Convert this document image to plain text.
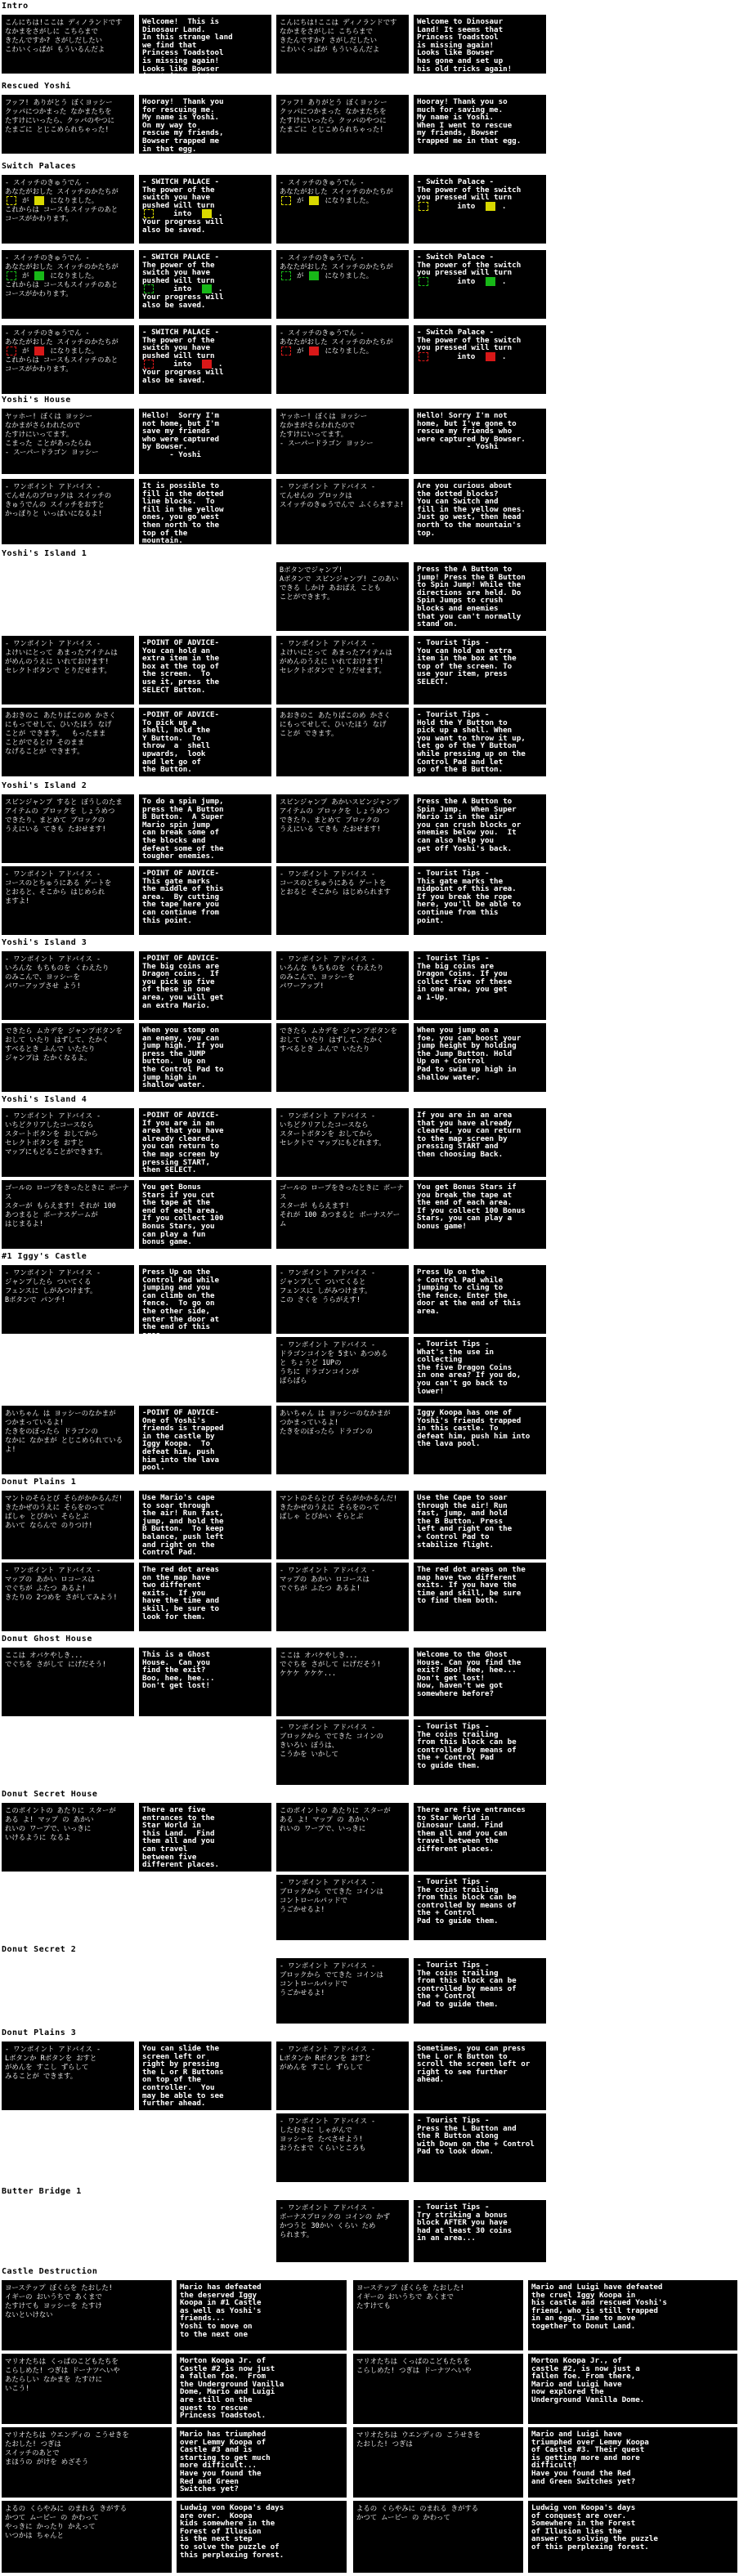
Intro
こんにちは!ここは ディノランドです
なかまをさがしに こちらまで
きたんですか? さがしだしたい
こわいくっぱが もういるんだよ
Welcome!  This is
Dinosaur Land.
In this strange land
we find that
Princess Toadstool
is missing again!
Looks like Bowser
is at it again!
こんにちは!ここは ディノランドです
なかまをさがしに こちらまで
きたんですか? さがしだしたい
こわいくっぱが もういるんだよ
Welcome to Dinosaur
Land! It seems that
Princess Toadstool
is missing again!
Looks like Bowser
has gone and set up
his old tricks again!
Rescued Yoshi
フッフ! ありがとう ぼくヨッシー
クッパにつかまった なかまたちを
たすけにいったら、クッパのやつに
たまごに とじこめられちゃった!
Hooray!  Thank you
for rescuing me.
My name is Yoshi.
On my way to
rescue my friends,
Bowser trapped me
in that egg.
フッフ! ありがとう ぼくヨッシー
クッパにつかまった なかまたちを
たすけにいったら クッパのやつに
たまごに とじこめられちゃった!
Hooray! Thank you so
much for saving me.
My name is Yoshi.
When I went to rescue
my friends, Bowser
trapped me in that egg.
Switch Palaces
- スイッチのきゅうでん -
あなたがおした スイッチのかたちが
が	になりました。
これからは コースもスイッチのあと
コースがかわります。
- SWITCH PALACE -
The power of the
switch you have
pushed will turn
into   .
Your progress will
also be saved.
- スイッチのきゅうでん -
あなたがおした スイッチのかたちが
が  になりました。
- Switch Palace -
The power of the switch
you pressed will turn
into   .
- スイッチのきゅうでん -
あなたがおした スイッチのかたちが
が	になりました。
これからは コースもスイッチのあと
コースがかわります。
- SWITCH PALACE -
The power of the
switch you have
pushed will turn
into   .
Your progress will
also be saved.
- スイッチのきゅうでん -
あなたがおした スイッチのかたちが
が  になりました。
- Switch Palace -
The power of the switch
you pressed will turn
into   .
- スイッチのきゅうでん -
あなたがおした スイッチのかたちが
が	になりました。
これからは コースもスイッチのあと
コースがかわります。
- SWITCH PALACE -
The power of the
switch you have
pushed will turn
into   .
Your progress will
also be saved.
- スイッチのきゅうでん -
あなたがおした スイッチのかたちが
が  になりました。
- Switch Palace -
The power of the switch
you pressed will turn
into   .
Yoshi's House
ヤッホー! ぼくは ヨッシー
なかまがさらわれたので
たすけにいってます。
こまった ことがあったらね
- スーパードラゴン ヨッシー
Hello!  Sorry I'm
not home, but I'm
save my friends
who were captured
by Bowser.
- Yoshi
ヤッホー! ぼくは ヨッシー
なかまがさらわれたので
たすけにいってます。
- スーパードラゴン ヨッシー
Hello! Sorry I'm not
home, but I've gone to
rescue my friends who
were captured by Bowser.
- Yoshi
- ワンポイント アドバイス -
てんせんのブロックは スイッチの
きゅうでんの スイッチをおすと
かっぽりと いっぱいになるよ!
It is possible to
fill in the dotted
line blocks.  To
fill in the yellow
ones, you go west
then north to the
top of the
mountain.
- ワンポイント アドバイス -
てんせんの ブロックは
スイッチのきゅうでんで ふくらますよ!
Are you curious about
the dotted blocks?
You can Switch and
fill in the yellow ones.
Just go west, then head
north to the mountain's
top.
Yoshi's Island 1
Bボタンでジャンプ!
Aボタンで スピンジャンプ! このあい
できる しかけ あおばえ ことも
ことができます。
Press the A Button to
jump! Press the B Button
to Spin Jump! While the
directions are held. Do
Spin Jumps to crush
blocks and enemies
that you can't normally
stand on.
- ワンポイント アドバイス -
よけいにとって あまったアイテムは
がめんのうえに いれておけます!
セレクトボタンで とりだせます。
-POINT OF ADVICE-
You can hold an
extra item in the
box at the top of
the screen.  To
use it, press the
SELECT Button.
- ワンポイント アドバイス -
よけいにとって あまったアイテムは
がめんのうえに いれておけます!
セレクトボタンで とりだせます。
- Tourist Tips -
You can hold an extra
item in the box at the
top of the screen. To
use your item, press
SELECT.
あおきのこ あたりばこのめ かさく
にもってせして、ひいたほう なげ
ことが できます。  もったまま
ことがでるとけ そのまま
なげることが できます。
-POINT OF ADVICE-
To pick up a
shell, hold the
Y Button.  To
throw  a  shell
upwards,  look
and let go of
the Button.
あおきのこ あたりばこのめ かさく
にもってせして、ひいたほう なげ
ことが できます。
- Tourist Tips -
Hold the Y Button to
pick up a shell. When
you want to throw it up,
let go of the Y Button
while pressing up on the
Control Pad and let
go of the B Button.
Yoshi's Island 2
スピンジャンプ すると ぼうしのたま
アイテムの ブロックを しょうめつ
できたり、まとめて ブロックの
うえにいる てきも たおせます!
To do a spin jump,
press the A Button
B Button.  A Super
Mario spin jump
can break some of
the blocks and
defeat some of the
tougher enemies.
スピンジャンプ あかいスピンジャンプ
アイテムの ブロックを しょうめつ
できたり、まとめて ブロックの
うえにいる てきも たおせます!
Press the A Button to
Spin Jump.  When Super
Mario is in the air
you can crush blocks or
enemies below you.  It
can also help you
get off Yoshi's back.
- ワンポイント アドバイス -
コースのとちゅうにある ゲートを
とおると、そこから はじめられ
ますよ!
-POINT OF ADVICE-
This gate marks
the middle of this
area.  By cutting
the tape here you
can continue from
this point.
- ワンポイント アドバイス -
コースのとちゅうにある ゲートを
とおると そこから はじめられます
- Tourist Tips -
This gate marks the
midpoint of this area.
If you break the rope
here, you'll be able to
continue from this
point.
Yoshi's Island 3
- ワンポイント アドバイス -
いろんな もちものを くわえたり
のみこんで、ヨッシーを
パワーアップさせ よう!
-POINT OF ADVICE-
The big coins are
Dragon coins.  If
you pick up five
of these in one
area, you will get
an extra Mario.
- ワンポイント アドバイス -
いろんな もちものを くわえたり
のみこんで、ヨッシーを
パワーアップ!
- Tourist Tips -
The big coins are
Dragon Coins. If you
collect five of these
in one area, you get
a 1-Up.
できたら ムカデを ジャンプボタンを
おして いたり はずして、たかく
すべるとき ふんで いたたり
ジャンプは たかくなるよ。
When you stomp on
an enemy, you can
jump high.  If you
press the JUMP
button.  Up on
the Control Pad to
jump high in
shallow water.
できたら ムカデを ジャンプボタンを
おして いたり はずして、たかく
すべるとき ふんで いたたり
When you jump on a
foe, you can boost your
jump height by holding
the Jump Button. Hold
Up on + Control
Pad to swim up high in
shallow water.
Yoshi's Island 4
- ワンポイント アドバイス -
いちどクリアしたコースなら
スタートボタンを おしてから
セレクトボタンを おすと
マップにもどることができます。
-POINT OF ADVICE-
If you are in an
area that you have
already cleared,
you can return to
the map screen by
pressing START,
then SELECT.
- ワンポイント アドバイス -
いちどクリアしたコースなら
スタートボタンを おしてから
セレクトで マップにもどれます。
If you are in an area
that you have already
cleared, you can return
to the map screen by
pressing START and
then choosing Back.
ゴールの ロープをきったときに ボーナス
スターが もらえます! それが 100
あつまると ボーナスゲームが
はじまるよ!
You get Bonus
Stars if you cut
the tape at the
end of each area.
If you collect 100
Bonus Stars, you
can play a fun
bonus game.
ゴールの ロープをきったときに ボーナス
スターが もらえます!
それが 100 あつまると ボーナスゲーム
You get Bonus Stars if
you break the tape at
the end of each area.
If you collect 100 Bonus
Stars, you can play a
bonus game!
#1 Iggy's Castle
- ワンポイント アドバイス -
ジャンプしたら ついてくる
フェンスに しがみつけます。
Bボタンで パンチ!
Press Up on the
Control Pad while
jumping and you
can climb on the
fence.  To go on
the other side,
enter the door at
the end of this
area.
- ワンポイント アドバイス -
ジャンプして ついてくると
フェンスに しがみつけます。
この さくを うらがえす!
Press Up on the
+ Control Pad while
jumping to cling to
the fence. Enter the
door at the end of this
area.
- ワンポイント アドバイス -
ドラゴンコインを 5まい あつめる
と ちょうど 1UPの
うちに ドラゴンコインが
ばらばら
- Tourist Tips -
What's the use in collecting
the five Dragon Coins
in one area? If you do,
you can't go back to
lower!
あいちゃん は ヨッシーのなかまが
つかまっているよ!
たきをのぼったら ドラゴンの
なかに なかまが とじこめられているよ!
-POINT OF ADVICE-
One of Yoshi's
friends is trapped
in the castle by
Iggy Koopa.  To
defeat him, push
him into the lava
pool.
あいちゃん は ヨッシーのなかまが
つかまっているよ!
たきをのぼったら ドラゴンの
Iggy Koopa has one of
Yoshi's friends trapped
in this castle. To
defeat him, push him into
the lava pool.
Donut Plains 1
マントのそらとび そらがかかるんだ!
きたかぜのうえに そらをのって
ばしゃ とびかい そらとぶ
あいて ならんで のりつけ!
Use Mario's cape
to soar through
the air! Run fast,
jump, and hold the
B Button.  To keep
balance, push left
and right on the
Control Pad.
マントのそらとび そらがかかるんだ!
きたかぜのうえに そらをのって
ばしゃ とびかい そらとぶ
Use the Cape to soar
through the air! Run
fast, jump, and hold
the B Button. Press
left and right on the
+ Control Pad to
stabilize flight.
- ワンポイント アドバイス -
マップの あかい ロコースは
でぐちが ふたつ あるよ!
きたりの 2つめを さがしてみよう!
The red dot areas
on the map have
two different
exits.  If you
have the time and
skill, be sure to
look for them.
- ワンポイント アドバイス -
マップの あかい ロコースは
でぐちが ふたつ あるよ!
The red dot areas on the
map have two different
exits. If you have the
time and skill, be sure
to find them both.
Donut Ghost House
ここは オバケやしき...
でぐちを さがして にげだそう!
This is a Ghost
House.  Can you
find the exit?
Boo, hee, hee...
Don't get lost!
ここは オバケやしき...
でぐちを さがして にげだそう!
ケケケ ケケケ...
Welcome to the Ghost
House. Can you find the
exit? Boo! Hee, hee...
Don't get lost!
Now, haven't we got
somewhere before?
- ワンポイント アドバイス -
ブロックから でてきた コインの
きいろい ぼうは、
こうかを いかして
- Tourist Tips -
The coins trailing
from this block can be
controlled by means of
the + Control Pad
to guide them.
Donut Secret House
このポイントの あたりに スターが
ある よ! マップ の あかい
れいの ワープで、いっきに
いけるように なるよ
There are five
entrances to the
Star World in
this Land.  Find
them all and you
can travel
between five
different places.
このポイントの あたりに スターが
ある よ! マップ の あかい
れいの ワープで、いっきに
There are five entrances
to Star World in
Dinosaur Land. Find
them all and you can
travel between the
different places.
- ワンポイント アドバイス -
ブロックから でてきた コインは
コントロールパッドで
うごかせるよ!
- Tourist Tips -
The coins trailing
from this block can be
controlled by means of
the + Control
Pad to guide them.
Donut Secret 2
- ワンポイント アドバイス -
ブロックから でてきた コインは
コントロールパッドで
うごかせるよ!
- Tourist Tips -
The coins trailing
from this block can be
controlled by means of
the + Control
Pad to guide them.
Donut Plains 3
- ワンポイント アドバイス -
Lボタンか Rボタンを おすと
がめんを すこし ずらして
みることが できます。
You can slide the
screen left or
right by pressing
the L or R Buttons
on top of the
controller.  You
may be able to see
further ahead.
- ワンポイント アドバイス -
Lボタンか Rボタンを おすと
がめんを すこし ずらして
Sometimes, you can press
the L or R Button to
scroll the screen left or
right to see further
ahead.
- ワンポイント アドバイス -
したむきに しゃがんで
ヨッシーを たべさせよう!
おうたまで くらいところも
- Tourist Tips -
Press the L Button and
the R Button along
with Down on the + Control
Pad to look down.
Butter Bridge 1
- ワンポイント アドバイス -
ボーナスブロックの コインの かず
かつうと 30かい くらい ため
られます。
- Tourist Tips -
Try striking a bonus
block AFTER you have
had at least 30 coins
in an area...
Castle Destruction
ヨーステップ ぼくらを たおした!
イギーの おいうちで あくまで
たすけても ヨッシーを たすけ
ないといけない
Mario has defeated
the deserved Iggy
Koopa in #1 Castle
as well as Yoshi's
friends...
Yoshi to move on
to the next one
ヨーステップ ぼくらを たおした!
イギーの おいうちで あくまで
たすけても
Mario and Luigi have defeated
the cruel Iggy Koopa in
his castle and rescued Yoshi's
friend, who is still trapped
in an egg. Time to move
together to Donut Land.
マリオたちは くっぱのこどもたちを
こらしめた! つぎは ドーナツへいや
あたらしい なかまを たすけに
いこう!
Morton Koopa Jr. of
Castle #2 is now just
a fallen foe.  From
the Underground Vanilla
Dome, Mario and Luigi
are still on the
quest to rescue
Princess Toadstool.
マリオたちは くっぱのこどもたちを
こらしめた! つぎは ドーナツへいや
Morton Koopa Jr., of
castle #2, is now just a
fallen foe. From there,
Mario and Luigi have
now explored the
Underground Vanilla Dome.
マリオたちは ウエンディの こうせきを
たおした! つぎは
スイッチのあとで
まほうの がけを めざそう
Mario has triumphed
over Lemmy Koopa of
Castle #3 and is
starting to get much
more difficult...
Have you found the
Red and Green
Switches yet?
マリオたちは ウエンディの こうせきを
たおした! つぎは
Mario and Luigi have
triumphed over Lemmy Koopa
of Castle #3. Their quest
is getting more and more
difficult!
Have you found the Red
and Green Switches yet?
よるの くらやみに のまれる きがする
かつて ムービー の かわって
やっきに かったり かえって
いつかは ちゃんと
Ludwig von Koopa's days
are over.  Koopa
kids somewhere in the
Forest of Illusion
is the next step
to solve the puzzle of
this perplexing forest.
よるの くらやみに のまれる きがする
かつて ムービー の かわって
Ludwig von Koopa's days
of conquest are over.
Somewhere in the Forest
of Illusion lies the
answer to solving the puzzle
of this perplexing forest.
